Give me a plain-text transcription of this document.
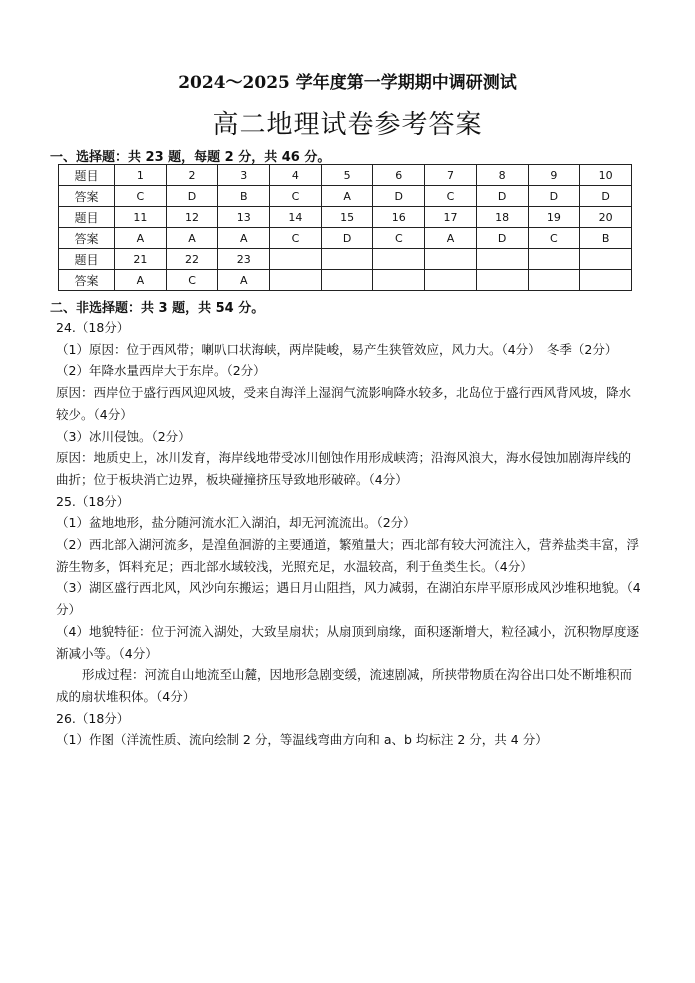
2024～2025 学年度第一学期期中调研测试
高二地理试卷参考答案
一、选择题：共 23 题，每题 2 分，共 46 分。
题目	1	2	3	4	5	6	7	8	9	10
答案	C	D	B	C	A	D	C	D	D	D
题目	11	12	13	14	15	16	17	18	19	20
答案	A	A	A	C	D	C	A	D	C	B
题目	21	22	23							
答案	A	C	A							
二、非选择题：共 3 题，共 54 分。

24.（18分）

（1）原因：位于西风带；喇叭口状海峡，两岸陡峻，易产生狭管效应，风力大。（4分）　冬季（2分）

（2）年降水量西岸大于东岸。（2分）

原因：西岸位于盛行西风迎风坡，受来自海洋上湿润气流影响降水较多，北岛位于盛行西风背风坡，降水较少。（4分）

（3）冰川侵蚀。（2分）

原因：地质史上，冰川发育，海岸线地带受冰川刨蚀作用形成峡湾；沿海风浪大，海水侵蚀加剧海岸线的曲折；位于板块消亡边界，板块碰撞挤压导致地形破碎。（4分）

25.（18分）

（1）盆地地形，盐分随河流水汇入湖泊，却无河流流出。（2分）

（2）西北部入湖河流多，是湟鱼洄游的主要通道，繁殖量大；西北部有较大河流注入，营养盐类丰富，浮游生物多，饵料充足；西北部水域较浅，光照充足，水温较高，利于鱼类生长。（4分）

（3）湖区盛行西北风，风沙向东搬运；遇日月山阻挡，风力减弱，在湖泊东岸平原形成风沙堆积地貌。（4分）

（4）地貌特征：位于河流入湖处，大致呈扇状；从扇顶到扇缘，面积逐渐增大，粒径减小，沉积物厚度逐渐减小等。（4分）

形成过程：河流自山地流至山麓，因地形急剧变缓，流速剧减，所挟带物质在沟谷出口处不断堆积而成的扇状堆积体。（4分）

26.（18分）

（1）作图（洋流性质、流向绘制 2 分，等温线弯曲方向和 a、b 均标注 2 分，共 4 分）
